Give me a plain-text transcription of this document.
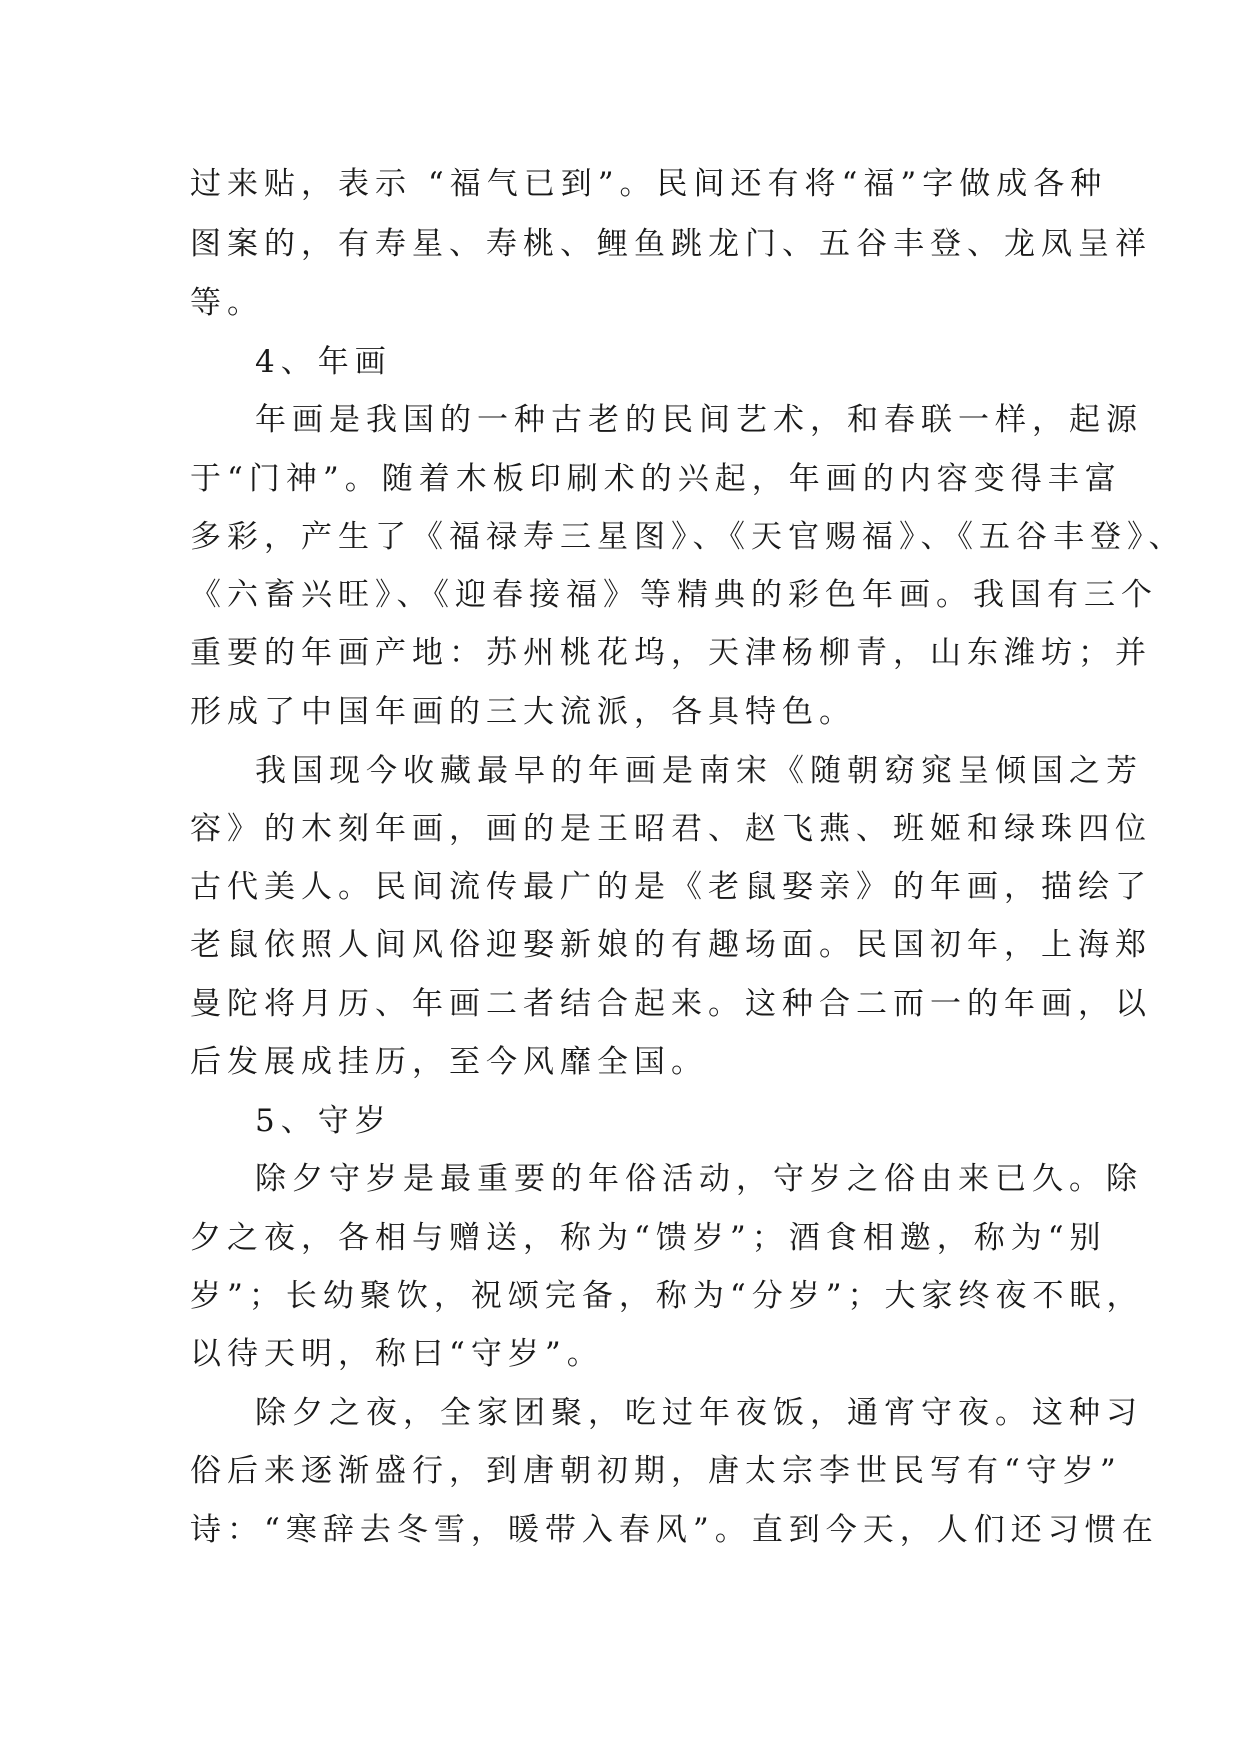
过来贴，表示 “福气已到”。民间还有将“福”字做成各种
图案的，有寿星、寿桃、鲤鱼跳龙门、五谷丰登、龙凤呈祥
等。
4、年画
年画是我国的一种古老的民间艺术，和春联一样，起源
于“门神”。随着木板印刷术的兴起，年画的内容变得丰富
多彩，产生了《福禄寿三星图》、《天官赐福》、《五谷丰登》、
《六畜兴旺》、《迎春接福》等精典的彩色年画。我国有三个
重要的年画产地：苏州桃花坞，天津杨柳青，山东潍坊；并
形成了中国年画的三大流派，各具特色。
我国现今收藏最早的年画是南宋《随朝窈窕呈倾国之芳
容》的木刻年画，画的是王昭君、赵飞燕、班姬和绿珠四位
古代美人。民间流传最广的是《老鼠娶亲》的年画，描绘了
老鼠依照人间风俗迎娶新娘的有趣场面。民国初年，上海郑
曼陀将月历、年画二者结合起来。这种合二而一的年画，以
后发展成挂历，至今风靡全国。
5、守岁
除夕守岁是最重要的年俗活动，守岁之俗由来已久。除
夕之夜，各相与赠送，称为“馈岁”；酒食相邀，称为“别
岁”；长幼聚饮，祝颂完备，称为“分岁”；大家终夜不眠，
以待天明，称曰“守岁”。
除夕之夜，全家团聚，吃过年夜饭，通宵守夜。这种习
俗后来逐渐盛行，到唐朝初期，唐太宗李世民写有“守岁”
诗：“寒辞去冬雪，暖带入春风”。直到今天，人们还习惯在
